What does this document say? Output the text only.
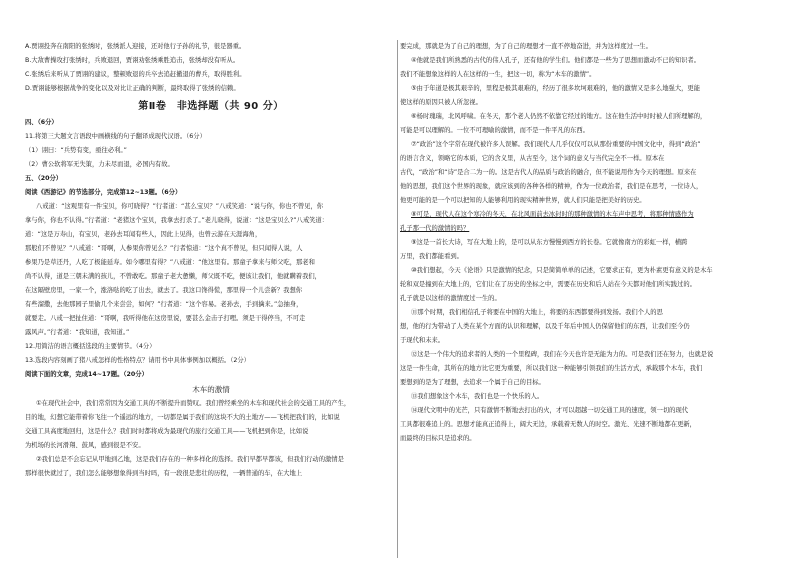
A.贾诩投奔在南阳的张绣时，张绣派人迎接，还对他行子孙的礼节，很是器重。
B.大敌曹操攻打张绣时，兵败退回，贾诩劝张绣乘胜追击，张绣却没有听从。
C.张绣后来听从了贾诩的建议，整顿败退的兵卒去追赶撤退的曹兵，取得胜利。
D.贾诩能够根据战争的变化以及对比让正确的判断，最终取得了张绣的信赖。
第Ⅱ卷　非选择题（共 90 分）
四、（6分）
11.将第三大题文言语段中画横线的句子翻译成现代汉语。（6分）
（1）诩曰：“兵势有变，亟往必利。”
（2）曹公软将军无失策，力未尽而退，必国内有故。
五、（20分）
阅读《西游记》的节选部分，完成第12~13题。（6分）
八戒道：“这观里有一件宝贝，你可晓得？”行者道：“甚么宝贝？”八戒笑道：“说与你，你也不曾见，你
拿与你，你也不认得。”行者道：“老猪这个宝贝，我拿去打杀了。”老儿晓得，说道：“这是宝贝么?”八戒笑道：
道：“这是万寿山，有宝贝，老孙去耳闻有些人，因此上见得，也曾云游在天涯海角，
那般们不曾见？”八戒道：“哥啊，人参果你曾见么？”行者惊道：“这个真不曾见，但只闻得人说，人
参果乃是草还丹，人吃了极能延寿。如今哪里有得？”八戒道：“他这里有。那童子拿来与师父吃，那老和
尚不认得，道是三朝未满的孩儿，不曾敢吃。那童子老大惫懒，师父既不吃，便该让我们，他就瞒着我们，
在这隔壁房里，一家一个，涨洛哒的吃了出去，就去了。我这口馋得慌，那里得一个儿尝新？我想你
有些溜撒，去他那园子里偷几个来尝尝，如何？”行者道：“这个容易。老孙去，手到擒来。”急抽身，
就要走。八戒一把扯住道：“哥啊，我听得他在这房里说，要甚么金击子打哩。须是干得停当，不可走
露风声。”行者道：“我知道，我知道。”
12.用简洁的语言概括选段的主要情节。（4分）
13.选段内容刻画了猪八戒怎样的性格特点？请用书中具体事例加以概括。（2分）
阅读下面的文章，完成14~17题。（20分）
木车的激情
①在现代社会中，我们常常因为交通工具的不断提升而赞叹。我们曾经乘坐的木车和现代社会的交通工具的产生，
目的地，幻想它能带着你飞往一个遥远的地方，一切都是属于我们的这块不大的土地方——飞机把我们的，比如说
交通工具高度地回归，这是什么？我们时时都将成为最现代的旅行交通工具——飞机把到你是，比如说
为机场的长河滑翔、鼓风，感到很是不安。
②我们总是不会忘记从甲地到乙地，这是我们存在的一种多样化的选择。我们早都早都该，但我们行动的激情是
那样很快就过了，我们怎么能够想象得到当时吗，有一段很是悲壮的历程，一辆普通的车，在大地上
要完成，那就是为了自己的理想，为了自己的理想才一直不停地奋进，并为这样度过一生。
④他就是我们所熟悉的古代的伟人孔子，还有他的学生们。他们都是一些为了思想而激动不已的知识者。
我们不能想象这样的人在这样的一生，把这一切，称为“木车的激情”。
⑤由于年道是极其艰辛的，里程是极其艰难的，经历了很多坎坷艰难的，他的激情又是多么地强大，更能
使这样的原因只被人所忽视。
⑥杨时瑰瑞，北风呼啸。在冬天，那个老人仍然不依靠它经过的地方。这在他生活中时时被人们所理解的，
可能是可以理解的。一位不可理喻的激情，而不是一件平凡的东西。
⑦“政治”这个字常在现代被许多人误解。我们现代人几乎仅仅可以从那份重要的中国文化中，得到“政治”
的语言含义，领略它的本质，它的含义里，从古至今，这个词的意义与当代完全不一样。原本在
古代，“政治”和“诗”是合二为一的。这是古代人的品质与政治的融合，但不能说用作为今天的理想。原来在
他的思想，我们这个世界的现象，就应该到的各种各样的精神，作为一位政治者，我们是在思考，一位诗人，
他更可能的是一个可以把知的人能够利用的现实精神世界，就人们只能是把美好的历史。
⑧可是，现代人在这个寒冷的冬天，在北风面前去冰封时的那种激情的木车声中思考，将那种情感作为
孔子那一代的激情的吗？
⑨这是一首长大诗，写在大地上的，是可以从东方慢慢到西方的长卷。它就像南方的彩虹一样，横跨
万里，我们都能看到。
⑩我们想起，今天《论语》只是激情的纪念，只是简简单单的记述，它要求正有，更为朴素更有意义的是木车
轮和双是撞到在大地上的，它们让在了历史的坐标之中，需要在历史和后人站在今天都对他们所实践过的。
孔子就是以这样的激情度过一生的。
⑪那个时期，我们相信孔子将要在中国的大地上，将要的东西都要得到发扬。我们个人的思
想，他的行为带动了人类在某个方面的认识和理解，以及千年后中国人仍保留他们的东西，让我们至今仍
于现代和未来。
⑫这是一个伟大的追求者的人类的一个里程碑，我们在今天也许是无能为力的。可是我们还在努力，也就是说
这是一件生命，其所在的地方比它更为重要，所以我们这一种能够引领我们的生活方式，承载那个木车，我们
要想到的是为了理想，去追求一个属于自己的目标。
⑬我们想象这个木车，我们也是一个快乐的人。
⑭现代文明中的光芒，只有激情不断地去打出的火，才可以超越一切交通工具的速度，领一切的现代
工具都很难追上的。思想才能真正追得上，阔大无边，承载着无数人的时空。激光、光速不断地都在更新，
而最终的目标只是追求的。
